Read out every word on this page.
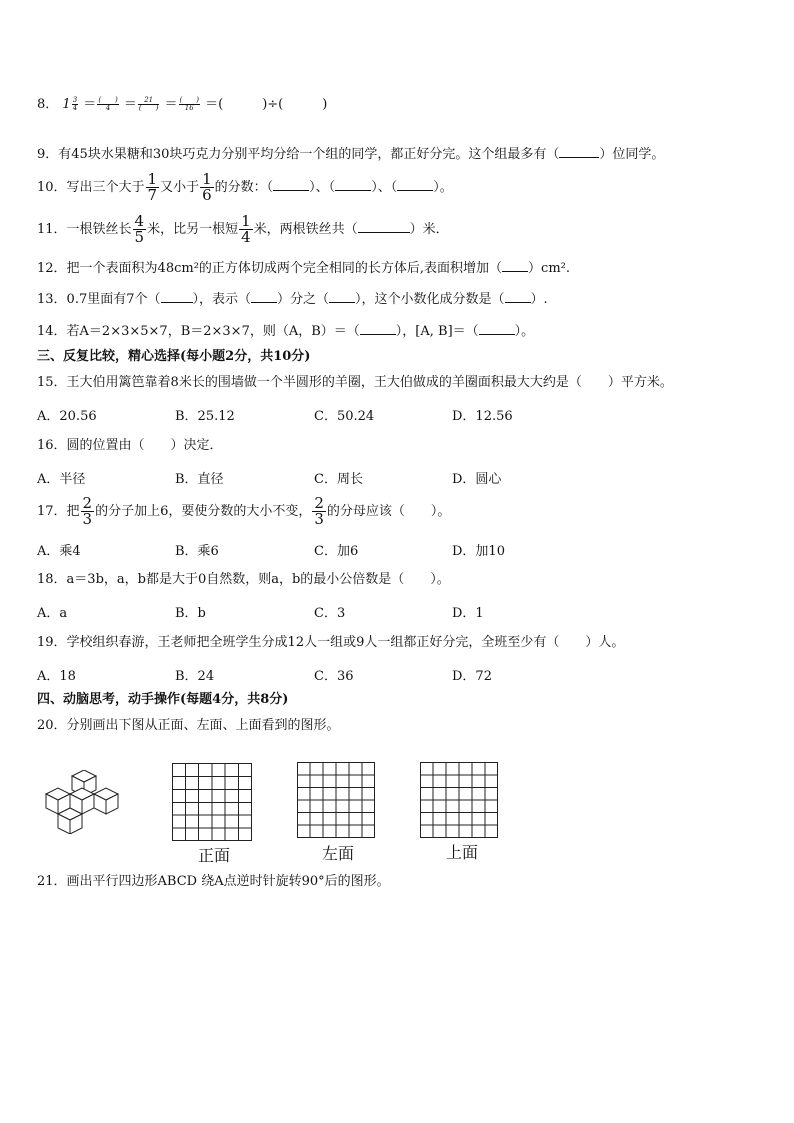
8． $1 \frac{3}{4} = \frac{( )}{4} = \frac{21}{( )} = \frac{( )}{16}$ ＝(　　　)÷(　　　)
9．有45块水果糖和30块巧克力分别平均分给一个组的同学，都正好分完。这个组最多有（	）位同学。
10．写出三个大于 $\frac{1}{7}$ 又小于 $\frac{1}{6}$ 的分数：（	）、（	）、（	）。
11．一根铁丝长 $\frac{4}{5}$ 米，比另一根短 $\frac{1}{4}$ 米，两根铁丝共（	）米．
12．把一个表面积为48cm²的正方体切成两个完全相同的长方体后,表面积增加（ ）cm².
13．0.7里面有7个（ ），表示（ ）分之（ ），这个小数化成分数是（ ）.
14．若A＝2×3×5×7，B＝2×3×7，则（A，B）＝（	），[A, B]＝（	）。
三、反复比较，精心选择(每小题2分，共10分)
15．王大伯用篱笆靠着8米长的围墙做一个半圆形的羊圈，王大伯做成的羊圈面积最大大约是（　　）平方米。
A．20.56	B．25.12	C．50.24	D．12.56
16．圆的位置由（　　）决定．
A．半径	B．直径	C．周长	D．圆心
17．把 $\frac{2}{3}$ 的分子加上6，要使分数的大小不变， $\frac{2}{3}$ 的分母应该（　　）。
A．乘4	B．乘6	C．加6	D．加10
18．a＝3b，a，b都是大于0自然数，则a，b的最小公倍数是（　　）。
A．a	B．b	C．3	D．1
19．学校组织春游，王老师把全班学生分成12人一组或9人一组都正好分完，全班至少有（　　）人。
A．18	B．24	C．36	D．72
四、动脑思考，动手操作(每题4分，共8分)
20．分别画出下图从正面、左面、上面看到的图形。
正面	左面	上面
21．画出平行四边形ABCD 绕A点逆时针旋转90°后的图形。
